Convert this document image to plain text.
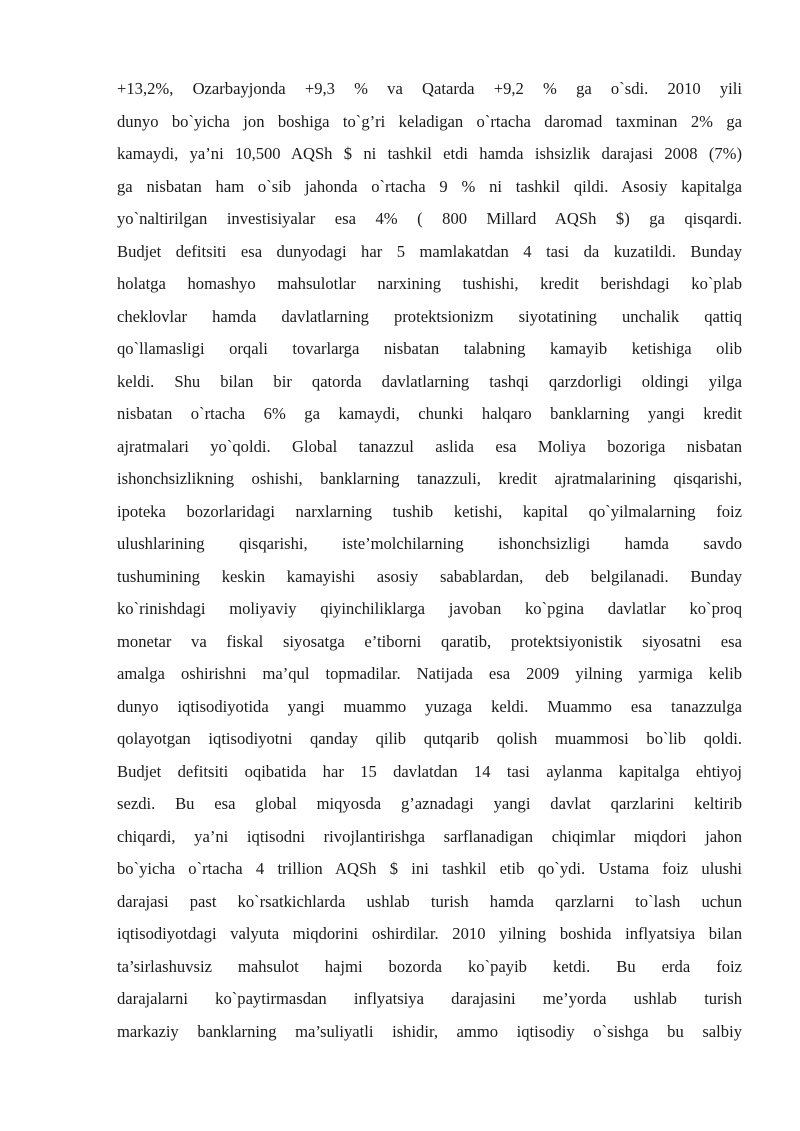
+13,2%, Ozarbayjonda +9,3 % va Qatarda +9,2 % ga o`sdi. 2010 yili
dunyo bo`yicha jon boshiga to`g’ri keladigan o`rtacha daromad taxminan 2% ga
kamaydi, ya’ni 10,500 AQSh $ ni tashkil etdi hamda ishsizlik darajasi 2008 (7%)
ga nisbatan ham o`sib jahonda o`rtacha 9 % ni tashkil qildi. Asosiy kapitalga
yo`naltirilgan investisiyalar esa 4% ( 800 Millard AQSh $) ga qisqardi.
Budjet defitsiti esa dunyodagi har 5 mamlakatdan 4 tasi da kuzatildi. Bunday
holatga homashyo mahsulotlar narxining tushishi, kredit berishdagi ko`plab
cheklovlar hamda davlatlarning protektsionizm siyotatining unchalik qattiq
qo`llamasligi orqali tovarlarga nisbatan talabning kamayib ketishiga olib
keldi. Shu bilan bir qatorda davlatlarning tashqi qarzdorligi oldingi yilga
nisbatan o`rtacha 6% ga kamaydi, chunki halqaro banklarning yangi kredit
ajratmalari yo`qoldi. Global tanazzul aslida esa Moliya bozoriga nisbatan
ishonchsizlikning oshishi, banklarning tanazzuli, kredit ajratmalarining qisqarishi,
ipoteka bozorlaridagi narxlarning tushib ketishi, kapital qo`yilmalarning foiz
ulushlarining qisqarishi, iste’molchilarning ishonchsizligi hamda savdo
tushumining keskin kamayishi asosiy sabablardan, deb belgilanadi. Bunday
ko`rinishdagi moliyaviy qiyinchiliklarga javoban ko`pgina davlatlar ko`proq
monetar va fiskal siyosatga e’tiborni qaratib, protektsiyonistik siyosatni esa
amalga oshirishni ma’qul topmadilar. Natijada esa 2009 yilning yarmiga kelib
dunyo iqtisodiyotida yangi muammo yuzaga keldi. Muammo esa tanazzulga
qolayotgan iqtisodiyotni qanday qilib qutqarib qolish muammosi bo`lib qoldi.
Budjet defitsiti oqibatida har 15 davlatdan 14 tasi aylanma kapitalga ehtiyoj
sezdi. Bu esa global miqyosda g’aznadagi yangi davlat qarzlarini keltirib
chiqardi, ya’ni iqtisodni rivojlantirishga sarflanadigan chiqimlar miqdori jahon
bo`yicha o`rtacha 4 trillion AQSh $ ini tashkil etib qo`ydi. Ustama foiz ulushi
darajasi past ko`rsatkichlarda ushlab turish hamda qarzlarni to`lash uchun
iqtisodiyotdagi valyuta miqdorini oshirdilar. 2010 yilning boshida inflyatsiya bilan
ta’sirlashuvsiz mahsulot hajmi bozorda ko`payib ketdi. Bu erda foiz
darajalarni ko`paytirmasdan inflyatsiya darajasini me’yorda ushlab turish
markaziy banklarning ma’suliyatli ishidir, ammo iqtisodiy o`sishga bu salbiy
